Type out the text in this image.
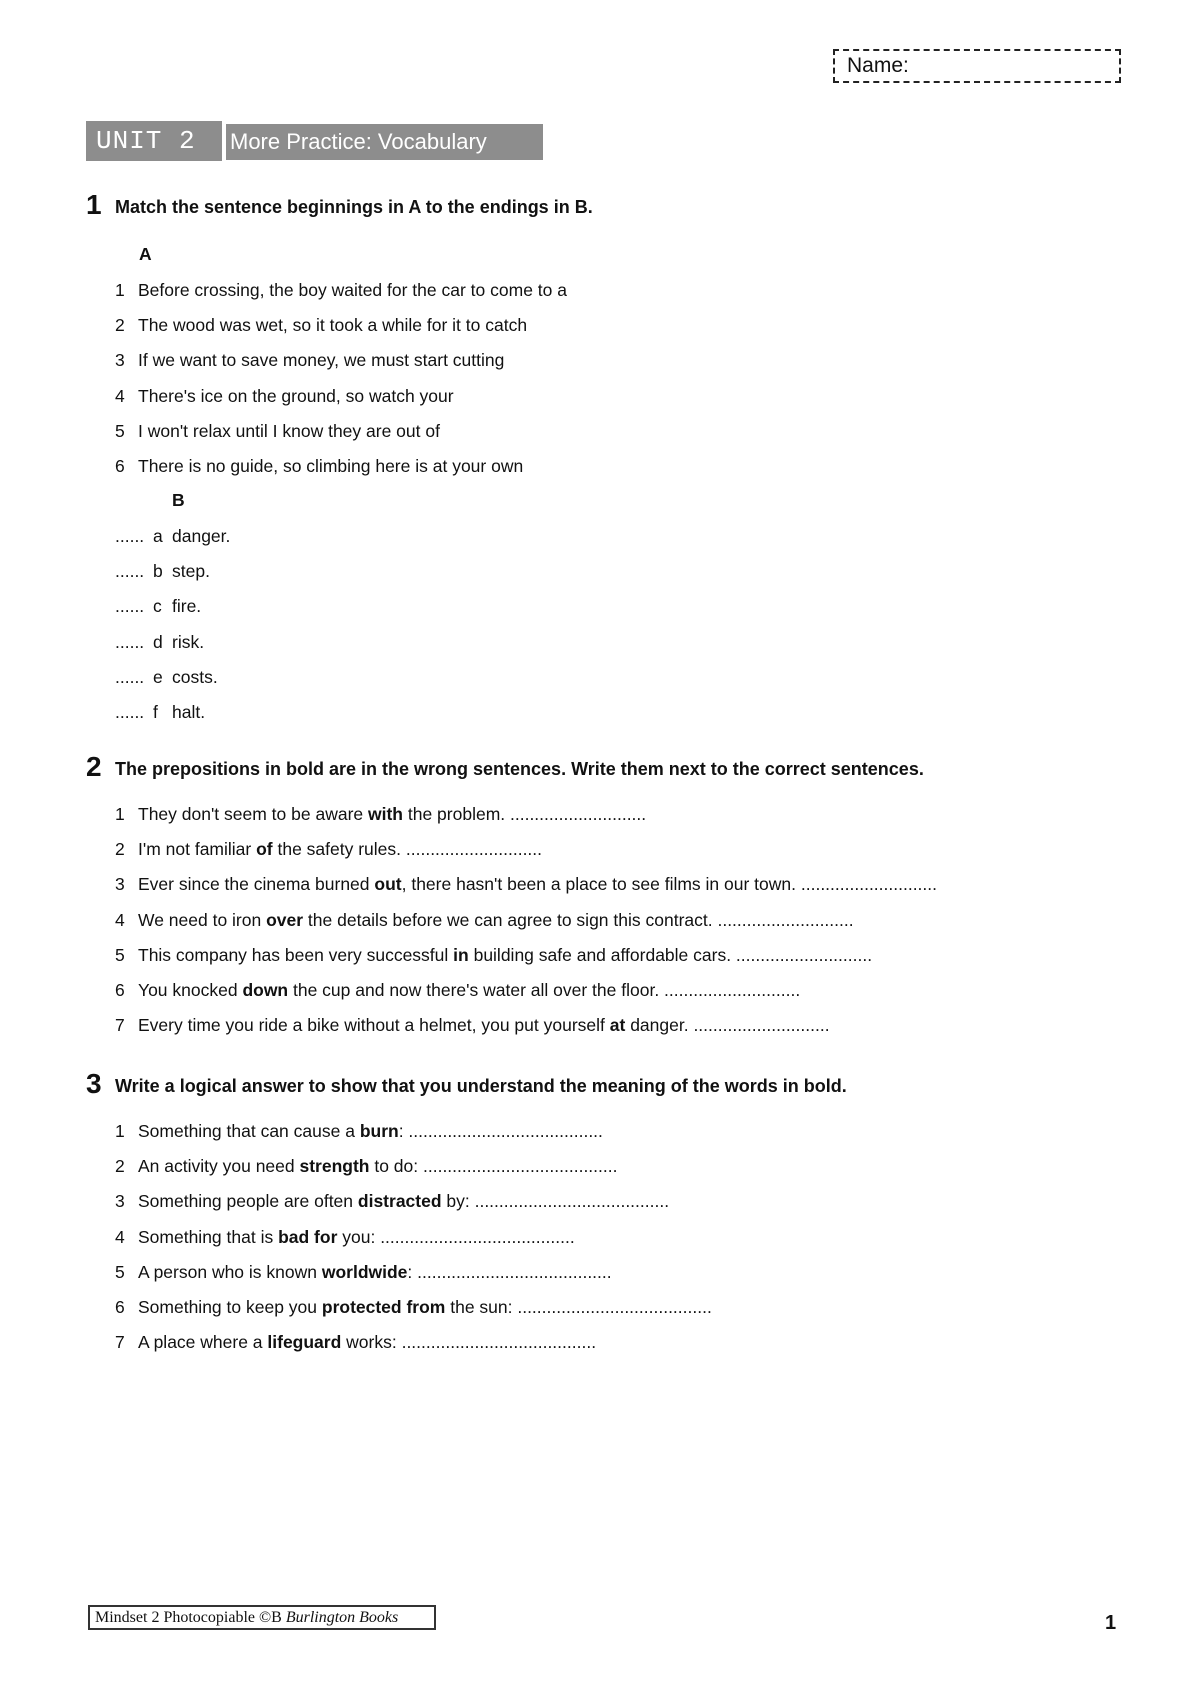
Name:
UNIT 2	More Practice: Vocabulary
1 Match the sentence beginnings in A to the endings in B.
A
1 Before crossing, the boy waited for the car to come to a
2 The wood was wet, so it took a while for it to catch
3 If we want to save money, we must start cutting
4 There's ice on the ground, so watch your
5 I won't relax until I know they are out of
6 There is no guide, so climbing here is at your own
B
...... a danger.
...... b step.
...... c fire.
...... d risk.
...... e costs.
...... f halt.
2 The prepositions in bold are in the wrong sentences. Write them next to the correct sentences.
1 They don't seem to be aware with the problem. ............................
2 I'm not familiar of the safety rules. ............................
3 Ever since the cinema burned out, there hasn't been a place to see films in our town. ............................
4 We need to iron over the details before we can agree to sign this contract. ............................
5 This company has been very successful in building safe and affordable cars. ............................
6 You knocked down the cup and now there's water all over the floor. ............................
7 Every time you ride a bike without a helmet, you put yourself at danger. ............................
3 Write a logical answer to show that you understand the meaning of the words in bold.
1 Something that can cause a burn: ........................................
2 An activity you need strength to do: ........................................
3 Something people are often distracted by: ........................................
4 Something that is bad for you: ........................................
5 A person who is known worldwide: ........................................
6 Something to keep you protected from the sun: ........................................
7 A place where a lifeguard works: ........................................
Mindset 2 Photocopiable ©B Burlington Books	1
